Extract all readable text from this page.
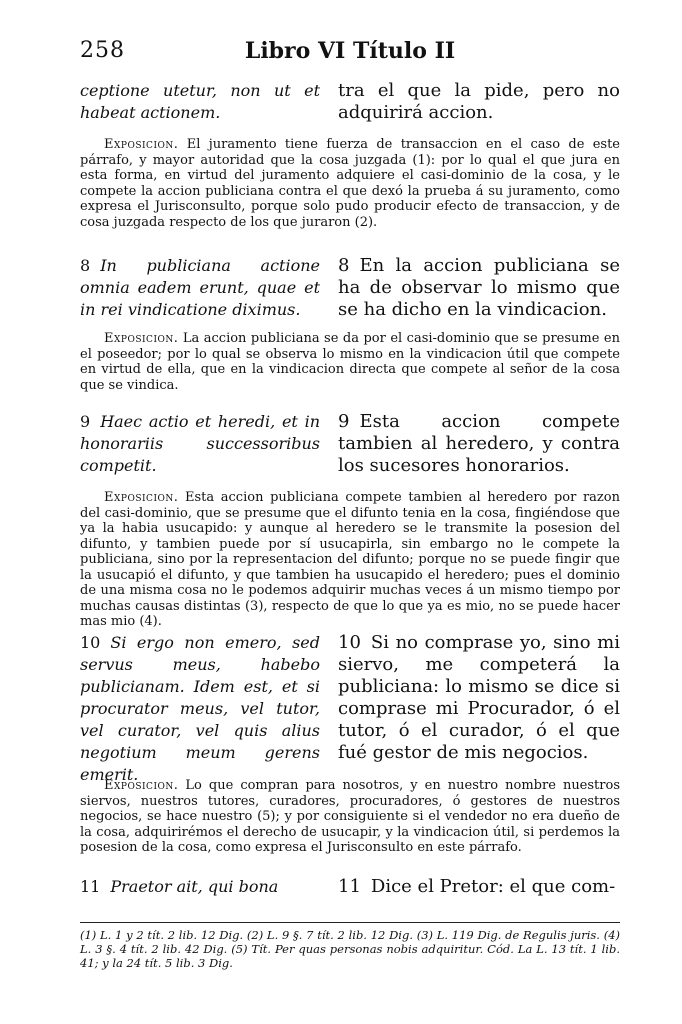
258	Libro VI Título II
ceptione utetur, non ut et habeat actionem.
tra el que la pide, pero no adquirirá accion.
Exposicion. El juramento tiene fuerza de transaccion en el caso de este párrafo, y mayor autoridad que la cosa juzgada (1): por lo qual el que jura en esta forma, en virtud del juramento adquiere el casi-dominio de la cosa, y le compete la accion publiciana contra el que dexó la prueba á su juramento, como expresa el Jurisconsulto, porque solo pudo producir efecto de transaccion, y de cosa juzgada respecto de los que juraron (2).
8 In publiciana actione omnia eadem erunt, quae et in rei vindicatione diximus.
8 En la accion publiciana se ha de observar lo mismo que se ha dicho en la vindicacion.
Exposicion. La accion publiciana se da por el casi-dominio que se presume en el poseedor; por lo qual se observa lo mismo en la vindicacion útil que compete en virtud de ella, que en la vindicacion directa que compete al señor de la cosa que se vindica.
9 Haec actio et heredi, et in honorariis successoribus competit.
9 Esta accion compete tambien al heredero, y contra los sucesores honorarios.
Exposicion. Esta accion publiciana compete tambien al heredero por razon del casi-dominio, que se presume que el difunto tenia en la cosa, fingiéndose que ya la habia usucapido: y aunque al heredero se le transmite la posesion del difunto, y tambien puede por sí usucapirla, sin embargo no le compete la publiciana, sino por la representacion del difunto; porque no se puede fingir que la usucapió el difunto, y que tambien ha usucapido el heredero; pues el dominio de una misma cosa no le podemos adquirir muchas veces á un mismo tiempo por muchas causas distintas (3), respecto de que lo que ya es mio, no se puede hacer mas mio (4).
10 Si ergo non emero, sed servus meus, habebo publicianam. Idem est, et si procurator meus, vel tutor, vel curator, vel quis alius negotium meum gerens emerit.
10 Si no comprase yo, sino mi siervo, me competerá la publiciana: lo mismo se dice si comprase mi Procurador, ó el tutor, ó el curador, ó el que fué gestor de mis negocios.
Exposicion. Lo que compran para nosotros, y en nuestro nombre nuestros siervos, nuestros tutores, curadores, procuradores, ó gestores de nuestros negocios, se hace nuestro (5); y por consiguiente si el vendedor no era dueño de la cosa, adquirirémos el derecho de usucapir, y la vindicacion útil, si perdemos la posesion de la cosa, como expresa el Jurisconsulto en este párrafo.
11 Praetor ait, qui bona	11 Dice el Pretor: el que com-
(1) L. 1 y 2 tít. 2 lib. 12 Dig. (2) L. 9 §. 7 tít. 2 lib. 12 Dig. (3) L. 119 Dig. de Regulis juris. (4) L. 3 §. 4 tít. 2 lib. 42 Dig. (5) Tít. Per quas personas nobis adquiritur. Cód. La L. 13 tít. 1 lib. 41; y la 24 tít. 5 lib. 3 Dig.
